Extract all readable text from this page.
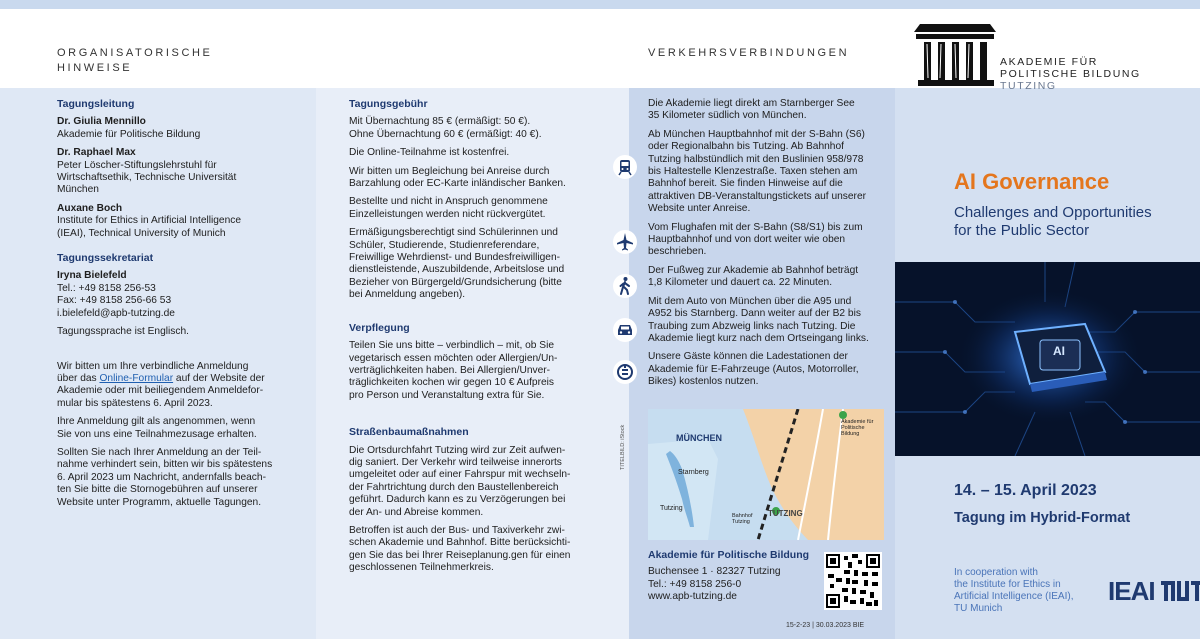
ORGANISATORISCHE
HINWEISE
VERKEHRSVERBINDUNGEN
AKADEMIE FÜR
POLITISCHE BILDUNG
TUTZING
Tagungsleitung
Dr. Giulia Mennillo

Akademie für Politische Bildung

Dr. Raphael Max
Peter Löscher-Stiftungslehrstuhl für
Wirtschaftsethik, Technische Universität

München

Auxane Boch
Institute for Ethics in Artificial Intelligence

(IEAI), Technical University of Munich

Tagungssekretariat
Iryna Bielefeld
Tel.: +49 8158 256-53
Fax: +49 8158 256-66 53

i.bielefeld@apb-tutzing.de

Tagungssprache ist Englisch.

Wir bitten um Ihre verbindliche Anmeldung
über das Online-Formular auf der Website der
Akademie oder mit beiliegendem Anmeldefor-

mular bis spätestens 6. April 2023.

Ihre Anmeldung gilt als angenommen, wenn

Sie von uns eine Teilnahmezusage erhalten.

Sollten Sie nach Ihrer Anmeldung an der Teil-
nahme verhindert sein, bitten wir bis spätestens
6. April 2023 um Nachricht, andernfalls beach-
ten Sie bitte die Stornogebühren auf unserer
Website unter Programm, aktuelle Tagungen.
Tagungsgebühr
Mit Übernachtung 85 € (ermäßigt: 50 €).

Ohne Übernachtung 60 € (ermäßigt: 40 €).

Die Online-Teilnahme ist kostenfrei.

Wir bitten um Begleichung bei Anreise durch

Barzahlung oder EC-Karte inländischer Banken.

Bestellte und nicht in Anspruch genommene

Einzelleistungen werden nicht rückvergütet.

Ermäßigungsberechtigt sind Schülerinnen und
Schüler, Studierende, Studienreferendare,
Freiwillige Wehrdienst- und Bundesfreiwilligen-
dienstleistende, Auszubildende, Arbeitslose und
Bezieher von Bürgergeld/Grundsicherung (bitte

bei Anmeldung angeben).

Verpflegung
Teilen Sie uns bitte – verbindlich – mit, ob Sie
vegetarisch essen möchten oder Allergien/Un-
verträglichkeiten haben. Bei Allergien/Unver-
träglichkeiten kochen wir gegen 10 € Aufpreis

pro Person und Veranstaltung extra für Sie.

Straßenbaumaßnahmen
Die Ortsdurchfahrt Tutzing wird zur Zeit aufwen-
dig saniert. Der Verkehr wird teilweise innerorts
umgeleitet oder auf einer Fahrspur mit wechseln-
der Fahrtrichtung durch den Baustellenbereich
geführt. Dadurch kann es zu Verzögerungen bei

der An- und Abreise kommen.

Betroffen ist auch der Bus- und Taxiverkehr zwi-
schen Akademie und Bahnhof. Bitte berücksichti-
gen Sie das bei Ihrer Reiseplanung.gen für einen
geschlossenen Teilnehmerkreis.
Die Akademie liegt direkt am Starnberger See

35 Kilometer südlich von München.

Ab München Hauptbahnhof mit der S-Bahn (S6)
oder Regionalbahn bis Tutzing. Ab Bahnhof
Tutzing halbstündlich mit den Buslinien 958/978
bis Haltestelle Klenzestraße. Taxen stehen am
Bahnhof bereit. Sie finden Hinweise auf die
attraktiven DB-Veranstaltungstickets auf unserer

Website unter Anreise.

Vom Flughafen mit der S-Bahn (S8/S1) bis zum
Hauptbahnhof und von dort weiter wie oben

beschrieben.

Der Fußweg zur Akademie ab Bahnhof beträgt

1,8 Kilometer und dauert ca. 22 Minuten.

Mit dem Auto von München über die A95 und
A952 bis Starnberg. Dann weiter auf der B2 bis
Traubing zum Abzweig links nach Tutzing. Die

Akademie liegt kurz nach dem Ortseingang links.

Unsere Gäste können die Ladestationen der
Akademie für E-Fahrzeuge (Autos, Motorroller,
Bikes) kostenlos nutzen.
MÜNCHEN
Starnberg
Tutzing
TUTZING
Akademie für Politische Bildung
Bahnhof Tutzing
TITELBILD: iStock
Akademie für Politische Bildung
Buchensee 1 · 82327 Tutzing
Tel.: +49 8158 256-0
www.apb-tutzing.de
15-2-23 | 30.03.2023 BIE
AI Governance
Challenges and Opportunities
for the Public Sector
AI
14. – 15. April 2023
Tagung im Hybrid-Format
In cooperation with
the Institute for Ethics in
Artificial Intelligence (IEAI),
TU Munich
IEAI
